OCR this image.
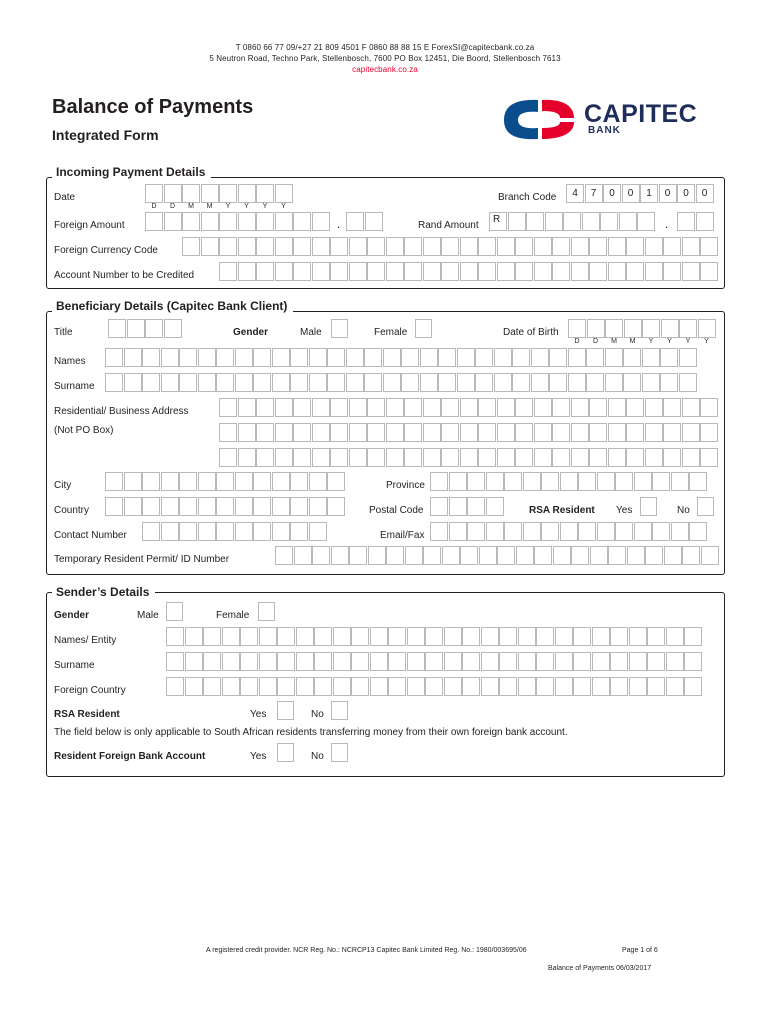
T 0860 66 77 09/+27 21 809 4501 F 0860 88 88 15 E ForexSI@capitecbank.co.za
5 Neutron Road, Techno Park, Stellenbosch, 7600 PO Box 12451, Die Boord, Stellenbosch 7613
capitecbank.co.za
Balance of Payments
Integrated Form
CAPITEC
BANK
Incoming Payment Details
Date
D	D	M	M	Y	Y	Y	Y
Branch Code	4	7	0	0	1	0	0	0
Foreign Amount	.	Rand Amount
R	.
Foreign Currency Code
Account Number to be Credited
Beneficiary Details (Capitec Bank Client)
Title	Gender	Male	Female	Date of Birth
D	D	M	M	Y	Y	Y	Y
Names
Surname
Residential/ Business Address
(Not PO Box)
City	Province
Country	Postal Code	RSA Resident Yes	No
Contact Number	Email/Fax
Temporary Resident Permit/ ID Number
Sender’s Details
Gender	Male	Female
Names/ Entity
Surname
Foreign Country
RSA Resident	Yes	No
The field below is only applicable to South African residents transferring money from their own foreign bank account.
Resident Foreign Bank Account	Yes	No
A registered credit provider. NCR Reg. No.: NCRCP13 Capitec Bank Limited Reg. No.: 1980/003695/06	Page 1 of 6
Balance of Payments 06/03/2017
